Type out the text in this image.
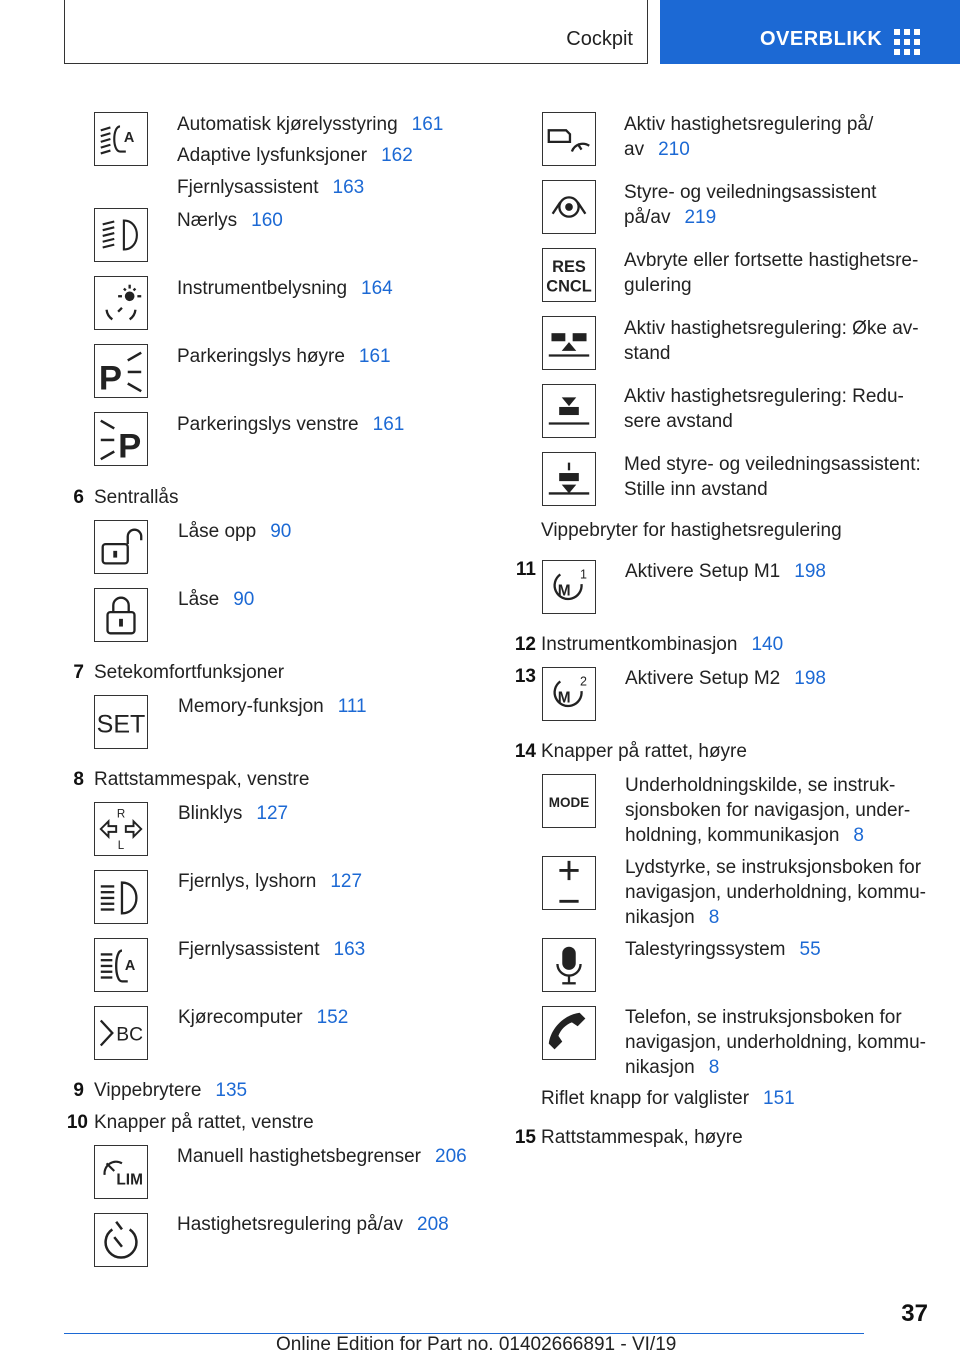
Cockpit	OVERBLIKK
A
Automatisk kjørelysstyring 161
Adaptive lysfunksjoner 162
Fjernlysassistent 163
Nærlys 160
Instrumentbelysning 164
P
Parkeringslys høyre 161
P
Parkeringslys venstre 161
6 Sentrallås
Låse opp 90
Låse 90
7 Setekomfortfunksjoner
SET
Memory-funksjon 111
8 Rattstammespak, venstre
R
L
Blinklys 127
Fjernlys, lyshorn 127
A
Fjernlysassistent 163
BC
Kjørecomputer 152
9 Vippebrytere 135
10 Knapper på rattet, venstre
LIM
Manuell hastighetsbegrenser 206
Hastighetsregulering på/av 208
Aktiv hastighetsregulering på/
av 210
Styre- og veiledningsassistent
på/av 219
RES
CNCL
Avbryte eller fortsette hastighetsre-
gulering
Aktiv hastighetsregulering: Øke av-
stand
Aktiv hastighetsregulering: Redu-
sere avstand
Med styre- og veiledningsassistent:
Stille inn avstand
Vippebryter for hastighetsregulering
11
M
1 Aktivere Setup M1 198
12 Instrumentkombinasjon 140
13
M
2 Aktivere Setup M2 198
14 Knapper på rattet, høyre
MODE
Underholdningskilde, se instruk-
sjonsboken for navigasjon, under-
holdning, kommunikasjon 8
Lydstyrke, se instruksjonsboken for
navigasjon, underholdning, kommu-
nikasjon 8
Talestyringssystem 55
Telefon, se instruksjonsboken for
navigasjon, underholdning, kommu-
nikasjon 8
Riflet knapp for valglister 151
15 Rattstammespak, høyre
37
Online Edition for Part no. 01402666891 - VI/19
